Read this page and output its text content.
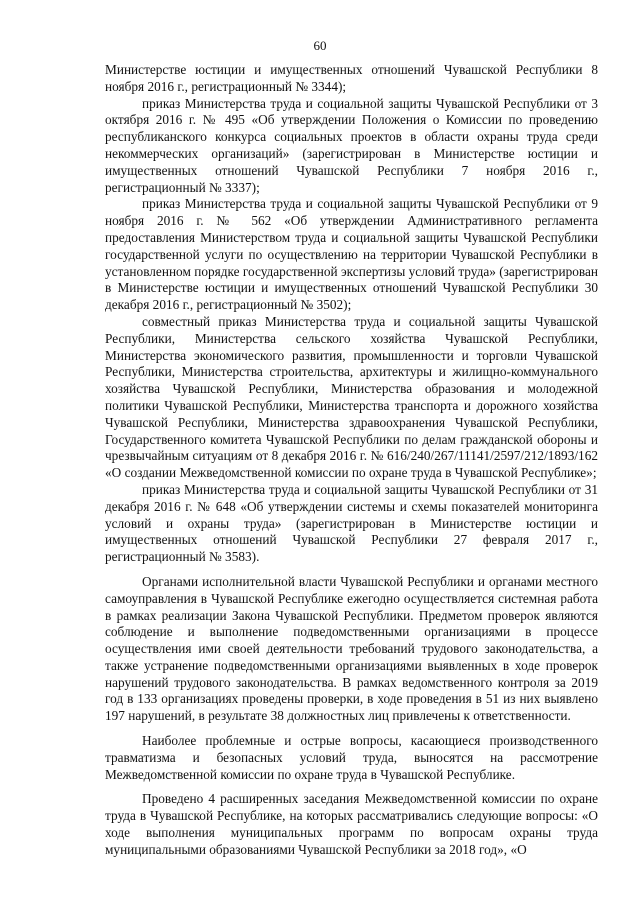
60

Министерстве юстиции и имущественных отношений Чувашской Республики 8 ноября 2016 г., регистрационный № 3344);

приказ Министерства труда и социальной защиты Чувашской Республики от 3 октября 2016 г. № 495 «Об утверждении Положения о Комиссии по проведению республиканского конкурса социальных проектов в области охраны труда среди некоммерческих организаций» (зарегистрирован в Министерстве юстиции и имущественных отношений Чувашской Республики 7 ноября 2016 г., регистрационный № 3337);

приказ Министерства труда и социальной защиты Чувашской Республики от 9 ноября 2016 г. № 562 «Об утверждении Административного регламента предоставления Министерством труда и социальной защиты Чувашской Республики государственной услуги по осуществлению на территории Чувашской Республики в установленном порядке государственной экспертизы условий труда» (зарегистрирован в Министерстве юстиции и имущественных отношений Чувашской Республики 30 декабря 2016 г., регистрационный № 3502);

совместный приказ Министерства труда и социальной защиты Чувашской Республики, Министерства сельского хозяйства Чувашской Республики, Министерства экономического развития, промышленности и торговли Чувашской Республики, Министерства строительства, архитектуры и жилищно-коммунального хозяйства Чувашской Республики, Министерства образования и молодежной политики Чувашской Республики, Министерства транспорта и дорожного хозяйства Чувашской Республики, Министерства здравоохранения Чувашской Республики, Государственного комитета Чувашской Республики по делам гражданской обороны и чрезвычайным ситуациям от 8 декабря 2016 г. № 616/240/267/11141/2597/212/1893/162 «О создании Межведомственной комиссии по охране труда в Чувашской Республике»;

приказ Министерства труда и социальной защиты Чувашской Республики от 31 декабря 2016 г. № 648 «Об утверждении системы и схемы показателей мониторинга условий и охраны труда» (зарегистрирован в Министерстве юстиции и имущественных отношений Чувашской Республики 27 февраля 2017 г., регистрационный № 3583).

Органами исполнительной власти Чувашской Республики и органами местного самоуправления в Чувашской Республике ежегодно осуществляется системная работа в рамках реализации Закона Чувашской Республики. Предметом проверок являются соблюдение и выполнение подведомственными организациями в процессе осуществления ими своей деятельности требований трудового законодательства, а также устранение подведомственными организациями выявленных в ходе проверок нарушений трудового законодательства. В рамках ведомственного контроля за 2019 год в 133 организациях проведены проверки, в ходе проведения в 51 из них выявлено 197 нарушений, в результате 38 должностных лиц привлечены к ответственности.

Наиболее проблемные и острые вопросы, касающиеся производственного травматизма и безопасных условий труда, выносятся на рассмотрение Межведомственной комиссии по охране труда в Чувашской Республике.

Проведено 4 расширенных заседания Межведомственной комиссии по охране труда в Чувашской Республике, на которых рассматривались следующие вопросы: «О ходе выполнения муниципальных программ по вопросам охраны труда муниципальными образованиями Чувашской Республики за 2018 год», «О
